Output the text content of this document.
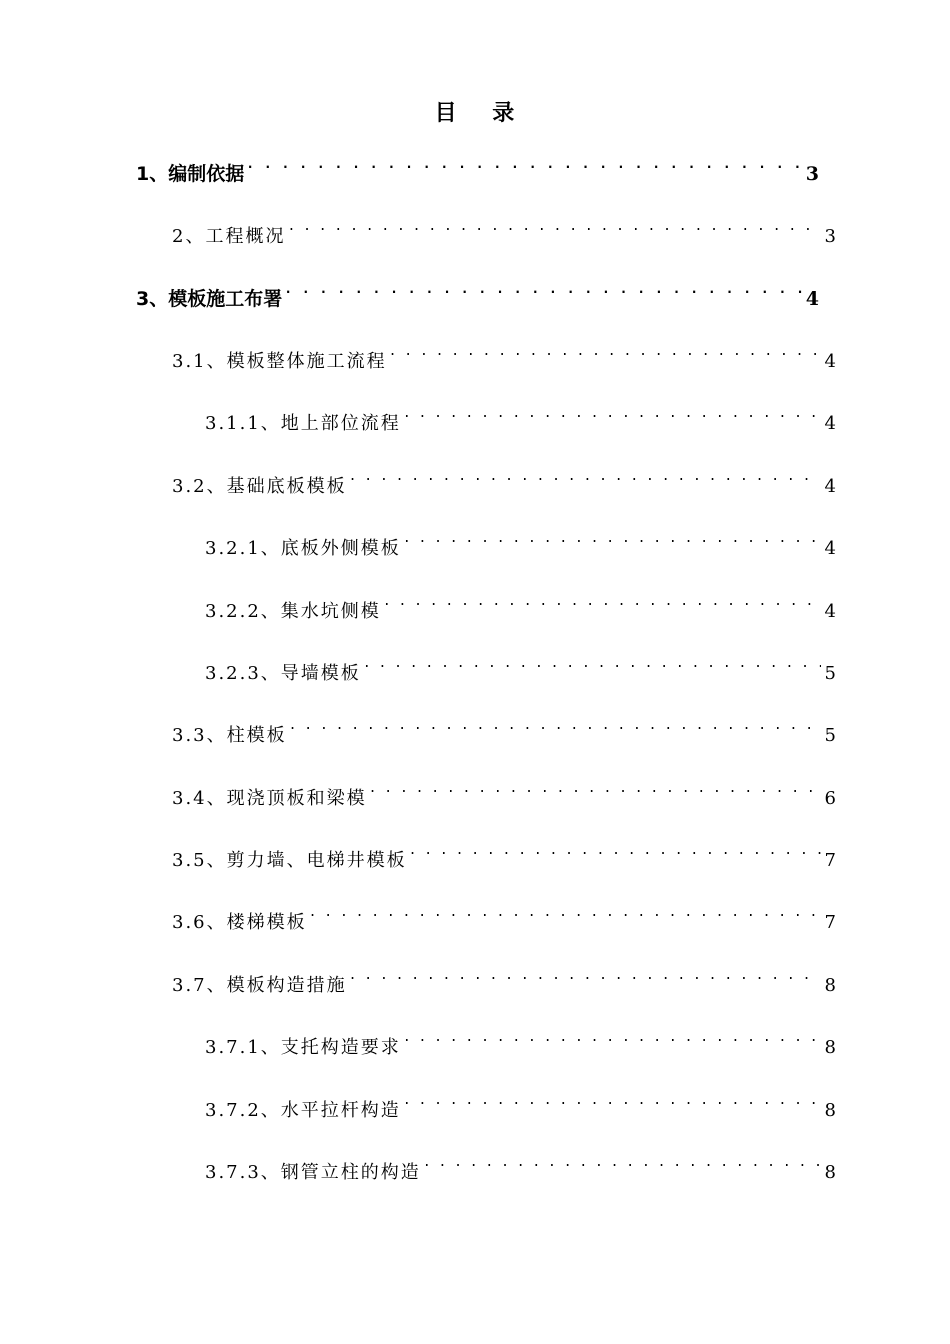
目    录
1、编制依据 . . .	3
2、工程概况 . . .	3
3、模板施工布署 . . .	4
3.1、模板整体施工流程 . . .	4
3.1.1、地上部位流程 . . .	4
3.2、基础底板模板 . . .	4
3.2.1、底板外侧模板 . . .	4
3.2.2、集水坑侧模 . . .	4
3.2.3、导墙模板 . . .	5
3.3、柱模板 . . .	5
3.4、现浇顶板和梁模 . . .	6
3.5、剪力墙、电梯井模板 . . .	7
3.6、楼梯模板 . . .	7
3.7、模板构造措施 . . .	8
3.7.1、支托构造要求 . . .	8
3.7.2、水平拉杆构造 . . .	8
3.7.3、钢管立柱的构造 . . .	8
